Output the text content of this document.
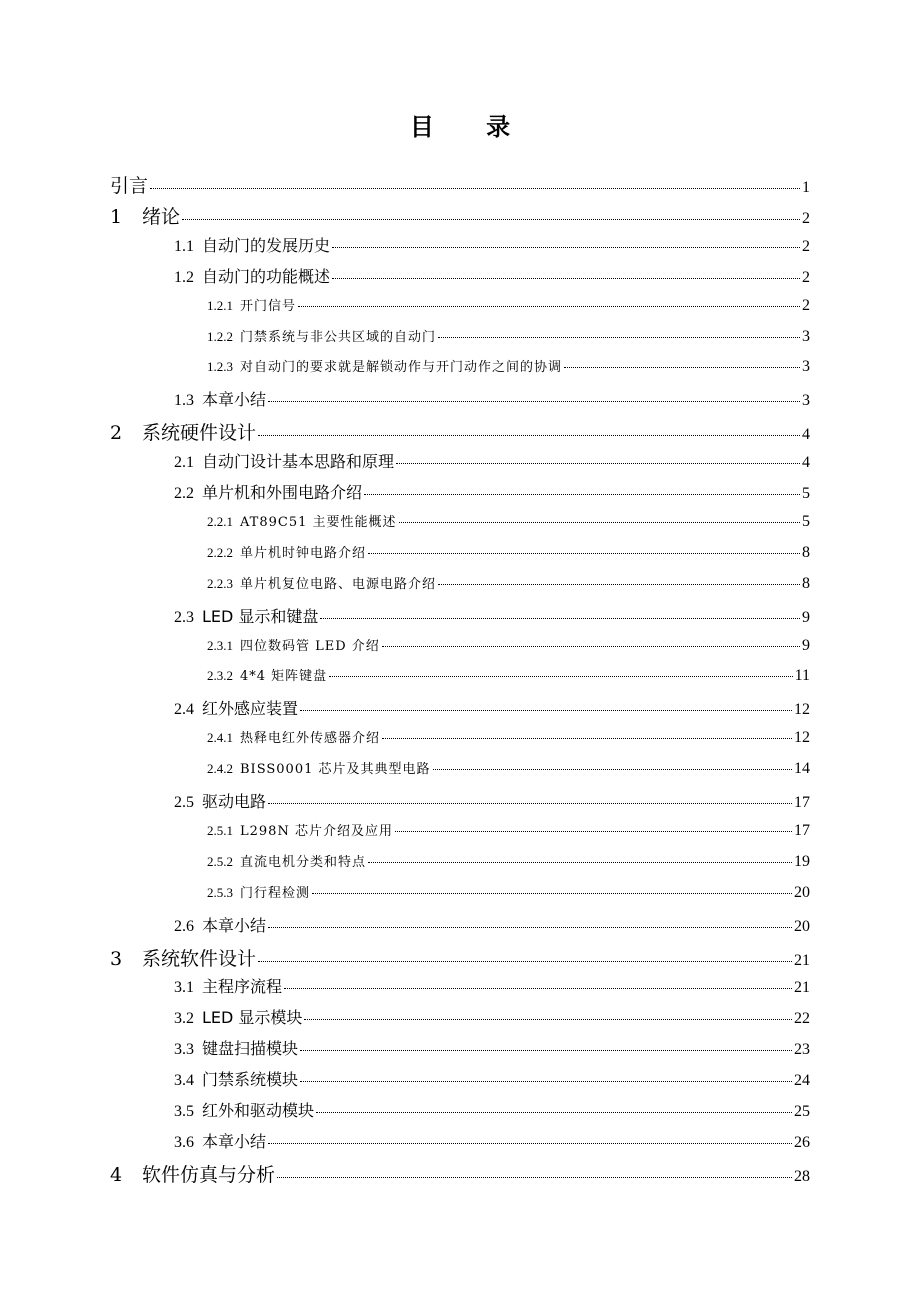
目 录
引言	1
1	绪论	2
1.1 自动门的发展历史	2
1.2 自动门的功能概述	2
1.2.1 开门信号	2
1.2.2 门禁系统与非公共区域的自动门	3
1.2.3 对自动门的要求就是解锁动作与开门动作之间的协调	3
1.3 本章小结	3
2	系统硬件设计	4
2.1 自动门设计基本思路和原理	4
2.2 单片机和外围电路介绍	5
2.2.1 AT89C51 主要性能概述	5
2.2.2 单片机时钟电路介绍	8
2.2.3 单片机复位电路、电源电路介绍	8
2.3 LED 显示和键盘	9
2.3.1 四位数码管 LED 介绍	9
2.3.2 4*4 矩阵键盘	11
2.4 红外感应装置	12
2.4.1 热释电红外传感器介绍	12
2.4.2 BISS0001 芯片及其典型电路	14
2.5 驱动电路	17
2.5.1 L298N 芯片介绍及应用	17
2.5.2 直流电机分类和特点	19
2.5.3 门行程检测	20
2.6 本章小结	20
3	系统软件设计	21
3.1 主程序流程	21
3.2 LED 显示模块	22
3.3 键盘扫描模块	23
3.4 门禁系统模块	24
3.5 红外和驱动模块	25
3.6 本章小结	26
4	软件仿真与分析	28
